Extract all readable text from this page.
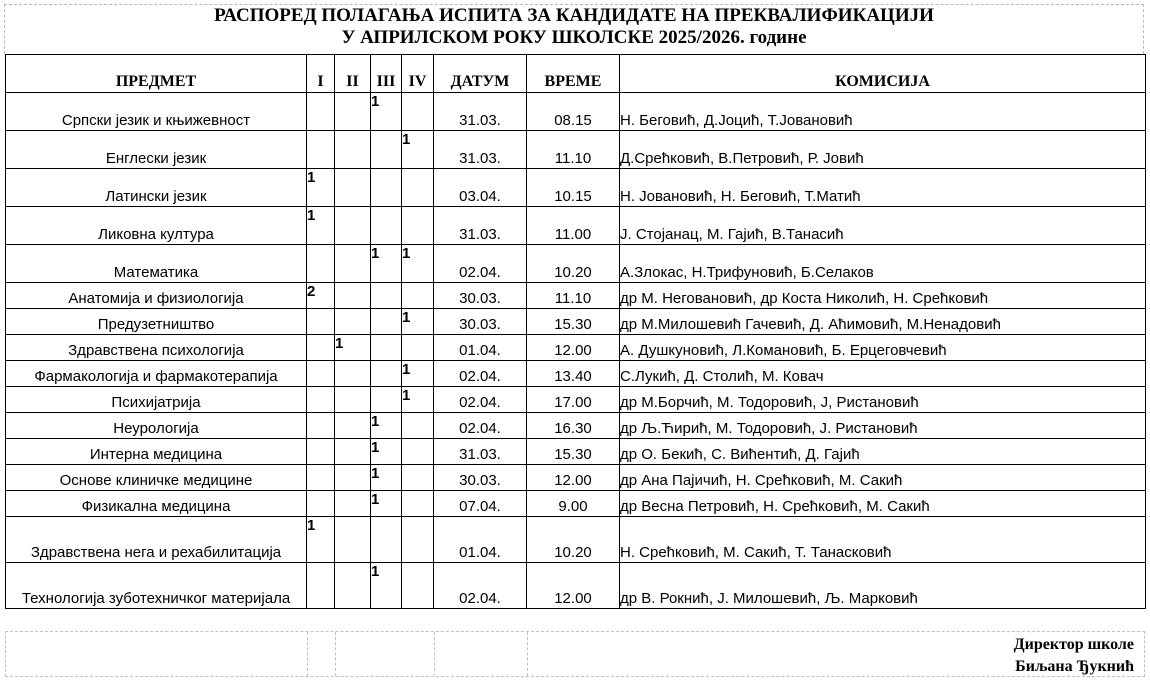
РАСПОРЕД ПОЛАГАЊА ИСПИТА ЗА КАНДИДАТЕ НА ПРЕКВАЛИФИКАЦИЈИ
У АПРИЛСКОМ РОКУ ШКОЛСКЕ 2025/2026. године
ПРЕДМЕТ	I	II	III	IV	ДАТУМ	ВРЕМЕ	КОМИСИЈА
Српски језик и књижевност			1		31.03.	08.15	Н. Беговић, Д.Јоцић, Т.Јовановић
Енглески језик				1	31.03.	11.10	Д.Срећковић, В.Петровић, Р. Јовић
Латински језик	1				03.04.	10.15	Н. Јовановић, Н. Беговић, Т.Матић
Ликовна култура	1				31.03.	11.00	Ј. Стојанац, М. Гајић, В.Танасић
Математика			1	1	02.04.	10.20	А.Злокас, Н.Трифуновић, Б.Селаков
Анатомија и физиологија	2				30.03.	11.10	др М. Неговановић, др Коста Николић, Н. Срећковић
Предузетништво				1	30.03.	15.30	др М.Милошевић Гачевић, Д. Аћимовић, М.Ненадовић
Здравствена психологија		1			01.04.	12.00	А. Душкуновић, Л.Комановић, Б. Ерцеговчевић
Фармакологија и фармакотерапија				1	02.04.	13.40	С.Лукић, Д. Столић, М. Ковач
Психијатрија				1	02.04.	17.00	др М.Борчић, М. Тодоровић, Ј, Ристановић
Неурологија			1		02.04.	16.30	др Љ.Ћирић, М. Тодоровић, Ј. Ристановић
Интерна медицина			1		31.03.	15.30	др О. Бекић, С. Вићентић, Д. Гајић
Основе клиничке медицине			1		30.03.	12.00	др Ана Пајичић, Н. Срећковић, М. Сакић
Физикална медицина			1		07.04.	9.00	др Весна Петровић, Н. Срећковић, М. Сакић
Здравствена нега и рехабилитација	1				01.04.	10.20	Н. Срећковић, М. Сакић, Т. Танасковић
Технологија зуботехничког материјала			1		02.04.	12.00	др В. Рокнић, Ј. Милошевић, Љ. Марковић
Директор школе
Биљана Ђукнић
